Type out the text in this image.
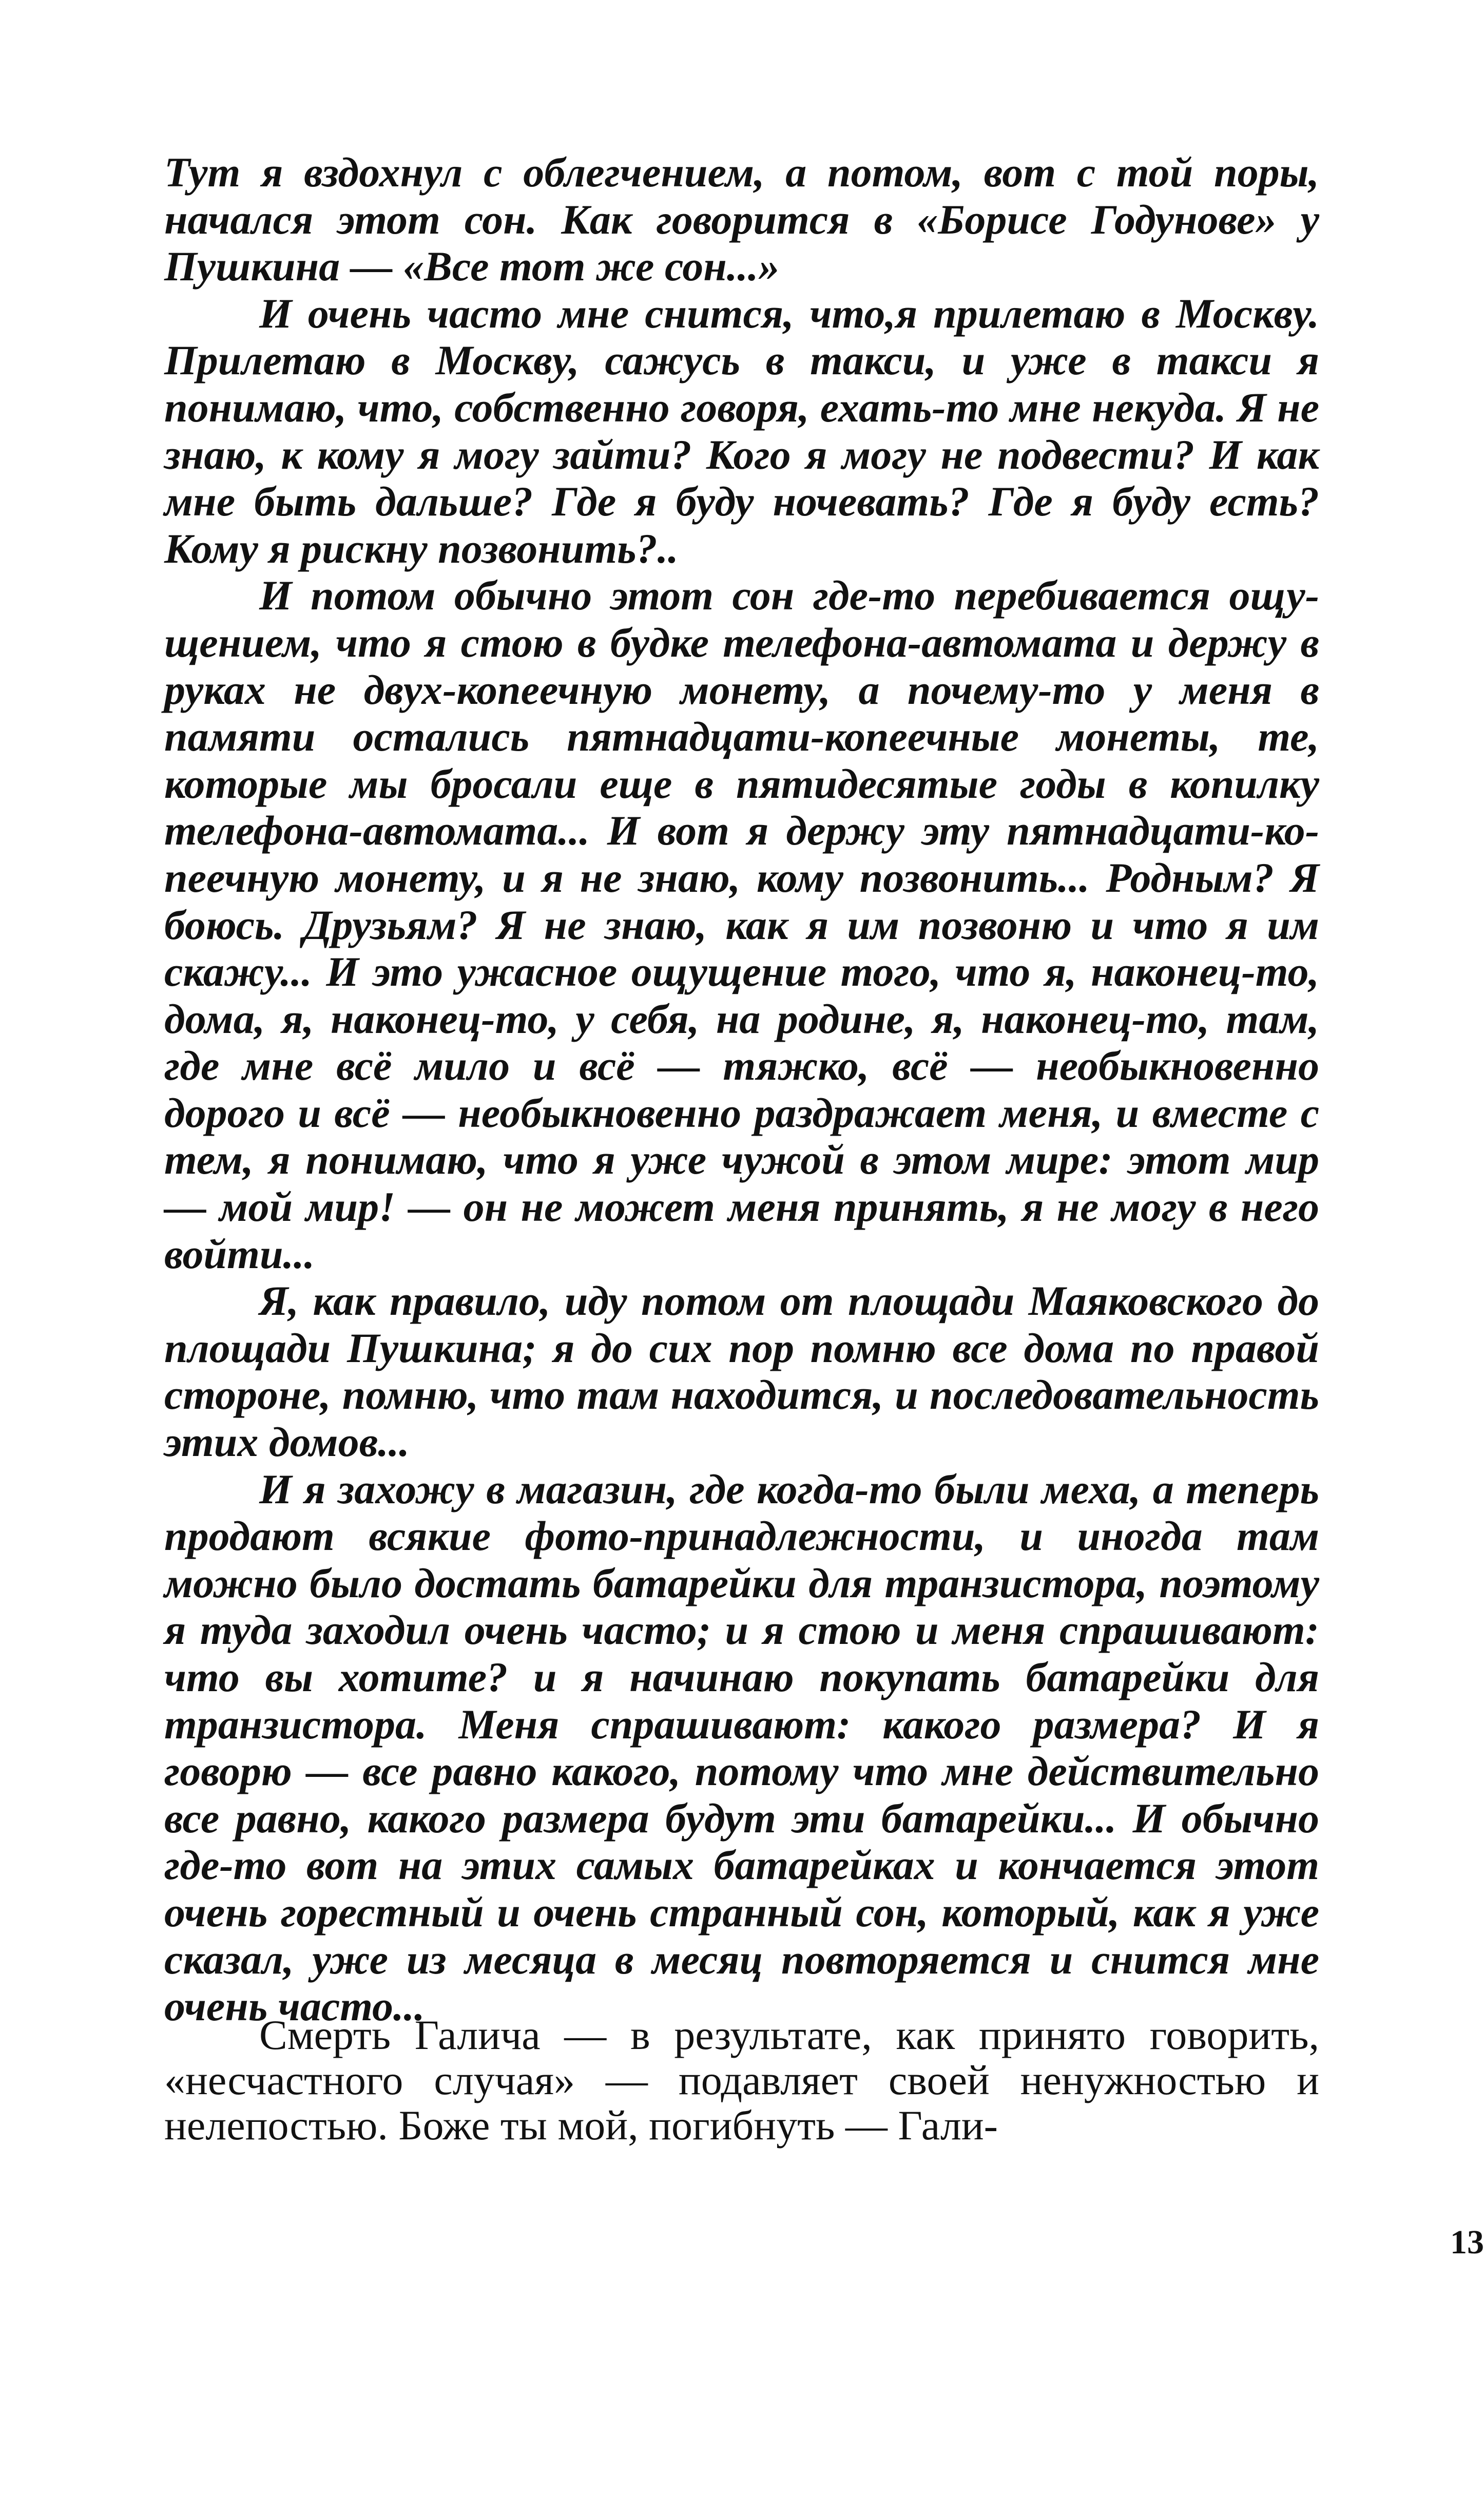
Тут я вздохнул с облегчением, а потом, вот с той поры, начался этот сон. Как говорится в «Борисе Годунове» у Пушкина — «Все тот же сон...»

И очень часто мне снится, что,я прилетаю в Москву. Прилетаю в Москву, сажусь в такси, и уже в такси я понимаю, что, собственно говоря, ехать-то мне некуда. Я не знаю, к кому я могу зайти? Кого я могу не подвести? И как мне быть дальше? Где я буду ночевать? Где я буду есть? Кому я рискну позвонить?..

И потом обычно этот сон где-то перебивается ощущением, что я стою в будке телефона-автомата и держу в руках не двух-копеечную монету, а почему-то у меня в памяти остались пятнадцати-копеечные монеты, те, которые мы бросали еще в пятидесятые годы в копилку телефона-автомата... И вот я держу эту пятнадцати-копеечную монету, и я не знаю, кому позвонить... Родным? Я боюсь. Друзьям? Я не знаю, как я им позвоню и что я им скажу... И это ужасное ощущение того, что я, наконец-то, дома, я, наконец-то, у себя, на родине, я, наконец-то, там, где мне всё мило и всё — тяжко, всё — необыкновенно дорого и всё — необыкновенно раздражает меня, и вместе с тем, я понимаю, что я уже чужой в этом мире: этот мир — мой мир! — он не может меня принять, я не могу в него войти...

Я, как правило, иду потом от площади Маяковского до площади Пушкина; я до сих пор помню все дома по правой стороне, помню, что там находится, и последовательность этих домов...

И я захожу в магазин, где когда-то были меха, а теперь продают всякие фото-принадлежности, и иногда там можно было достать батарейки для транзистора, поэтому я туда заходил очень часто; и я стою и меня спрашивают: что вы хотите? и я начинаю покупать батарейки для транзистора. Меня спрашивают: какого размера? И я говорю — все равно какого, потому что мне действительно все равно, какого размера будут эти батарейки... И обычно где-то вот на этих самых батарейках и кончается этот очень горестный и очень странный сон, который, как я уже сказал, уже из месяца в месяц повторяется и снится мне очень часто...

Смерть Галича — в результате, как принято говорить, «несчастного случая» — подавляет своей ненужностью и нелепостью. Боже ты мой, погибнуть — Гали-

13
